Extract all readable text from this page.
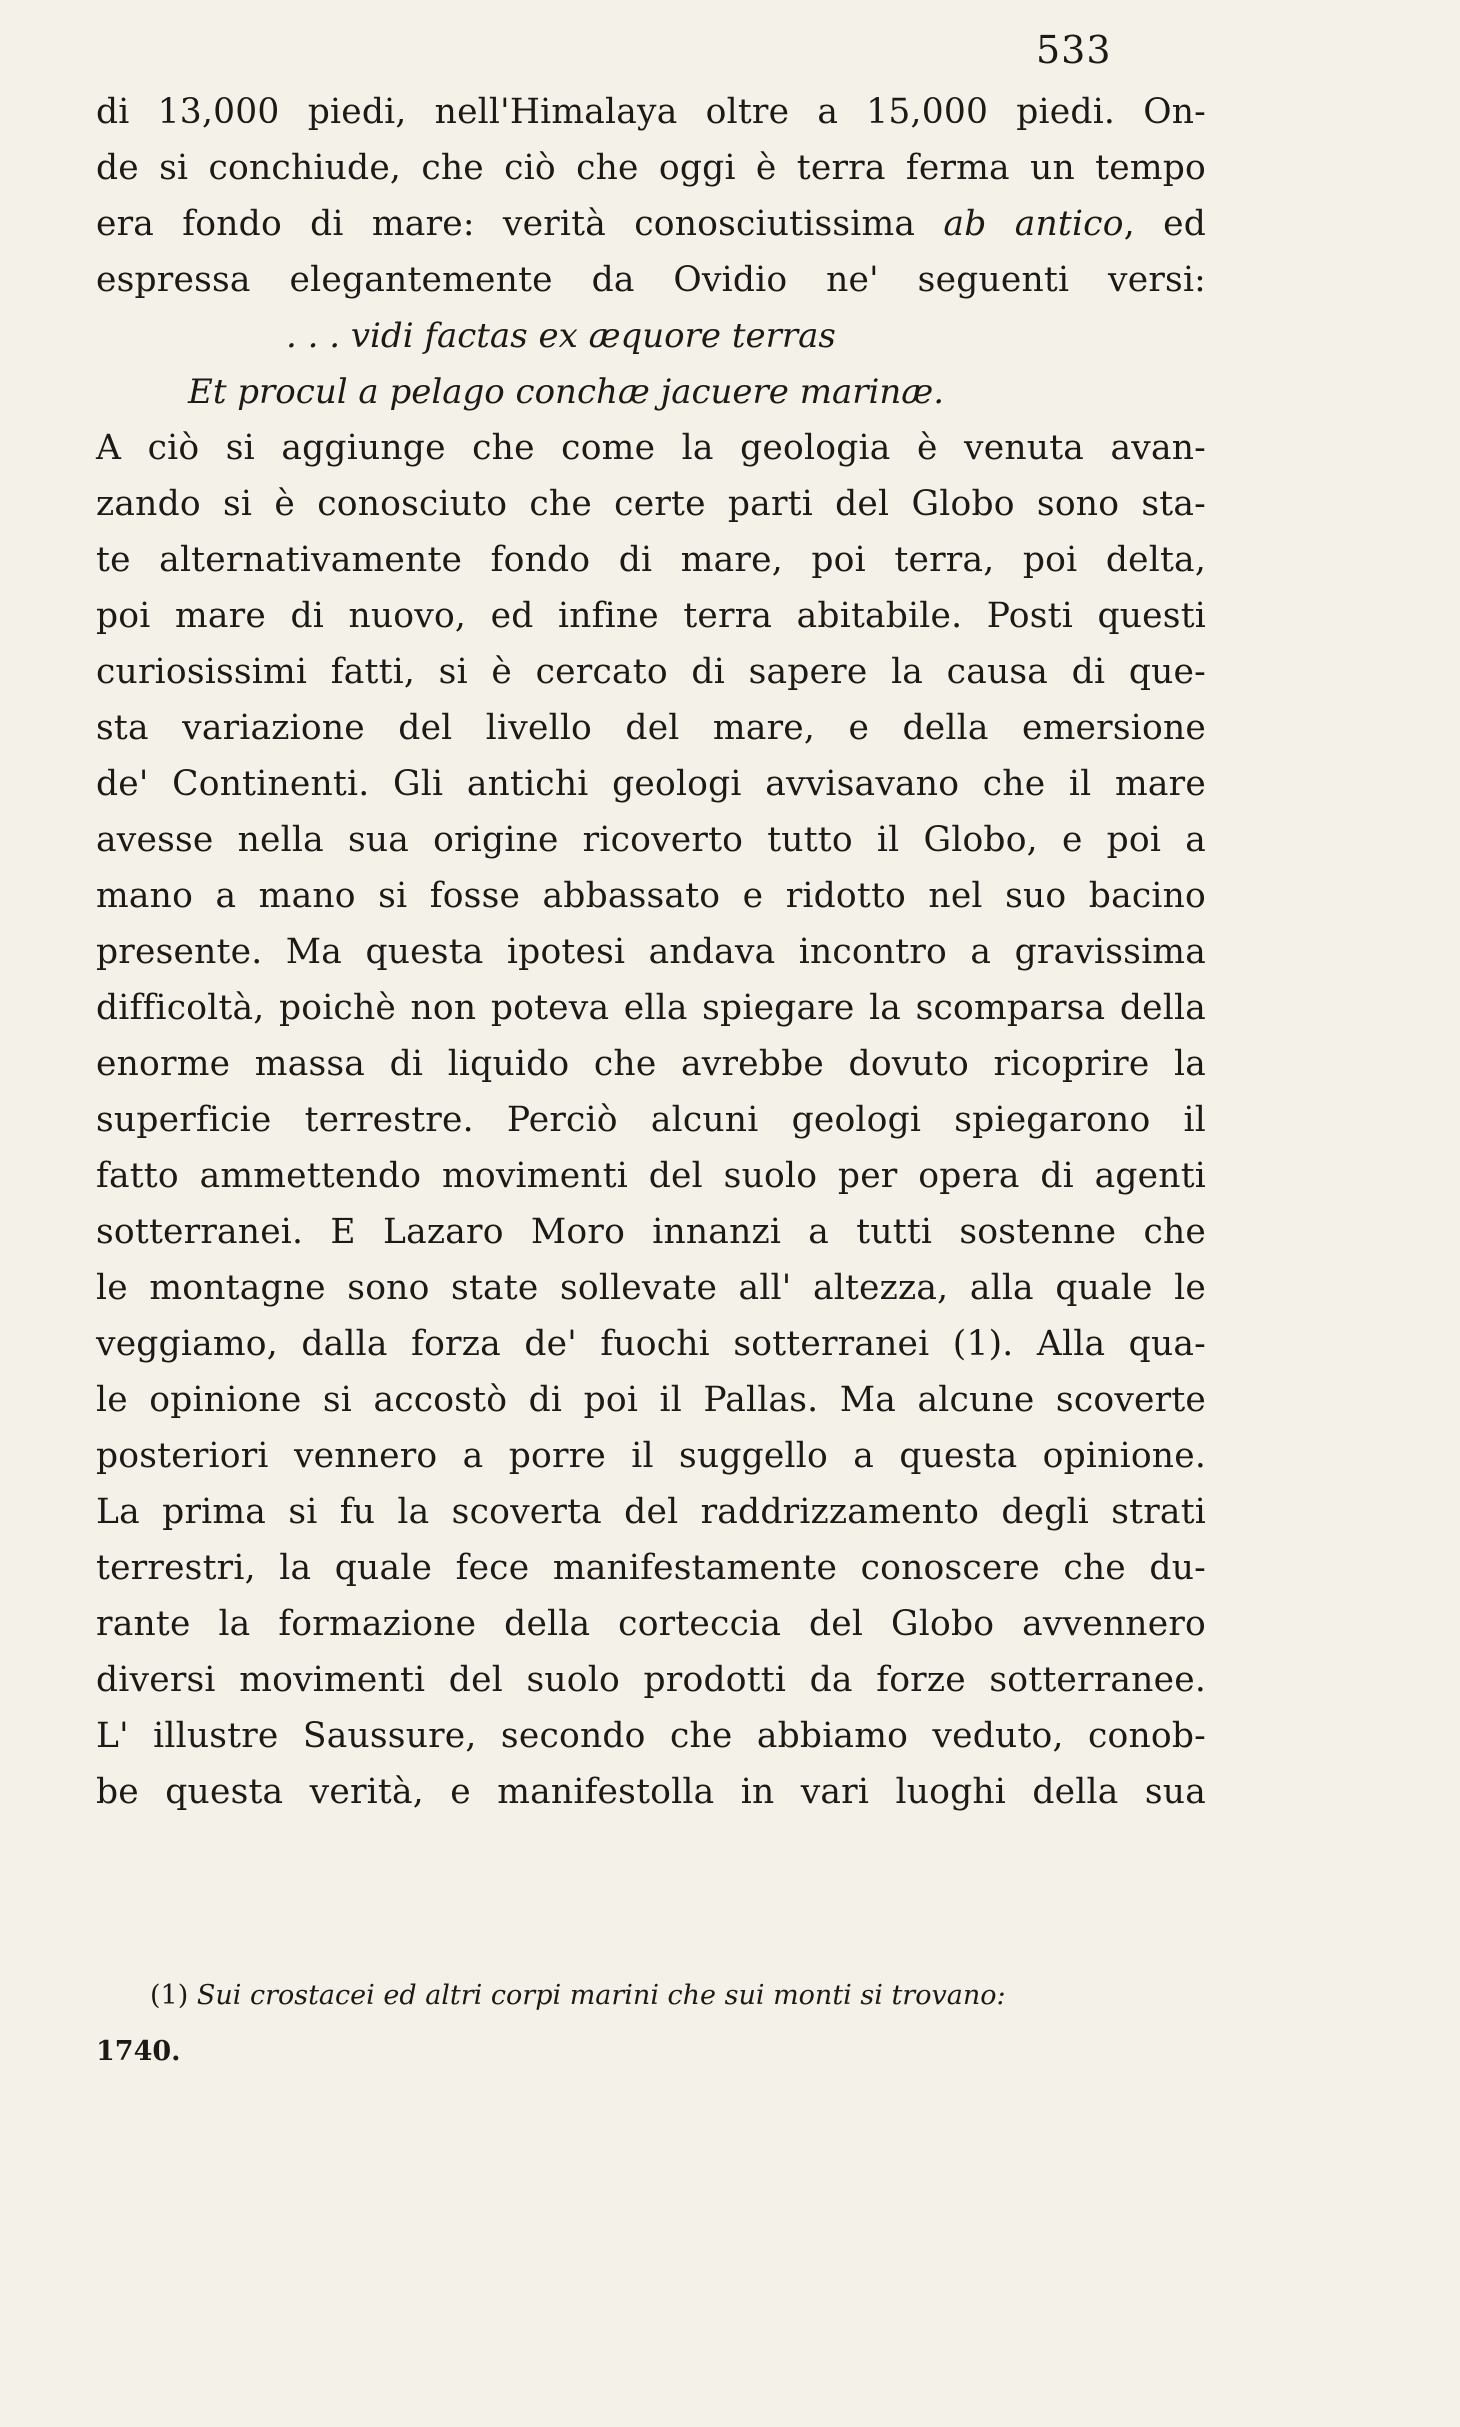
533
di 13,000 piedi, nell'Himalaya oltre a 15,000 piedi. On-
de si conchiude, che ciò che oggi è terra ferma un tempo
era fondo di mare: verità conosciutissima ab antico, ed
espressa elegantemente da Ovidio ne' seguenti versi:
. . . vidi factas ex æquore terras
Et procul a pelago conchæ jacuere marinæ.
A ciò si aggiunge che come la geologia è venuta avan-
zando si è conosciuto che certe parti del Globo sono sta-
te alternativamente fondo di mare, poi terra, poi delta,
poi mare di nuovo, ed infine terra abitabile. Posti questi
curiosissimi fatti, si è cercato di sapere la causa di que-
sta variazione del livello del mare, e della emersione
de' Continenti. Gli antichi geologi avvisavano che il mare
avesse nella sua origine ricoverto tutto il Globo, e poi a
mano a mano si fosse abbassato e ridotto nel suo bacino
presente. Ma questa ipotesi andava incontro a gravissima
difficoltà, poichè non poteva ella spiegare la scomparsa della
enorme massa di liquido che avrebbe dovuto ricoprire la
superficie terrestre. Perciò alcuni geologi spiegarono il
fatto ammettendo movimenti del suolo per opera di agenti
sotterranei. E Lazaro Moro innanzi a tutti sostenne che
le montagne sono state sollevate all' altezza, alla quale le
veggiamo, dalla forza de' fuochi sotterranei (1). Alla qua-
le opinione si accostò di poi il Pallas. Ma alcune scoverte
posteriori vennero a porre il suggello a questa opinione.
La prima si fu la scoverta del raddrizzamento degli strati
terrestri, la quale fece manifestamente conoscere che du-
rante la formazione della corteccia del Globo avvennero
diversi movimenti del suolo prodotti da forze sotterranee.
L' illustre Saussure, secondo che abbiamo veduto, conob-
be questa verità, e manifestolla in vari luoghi della sua
(1) Sui crostacei ed altri corpi marini che sui monti si trovano:
1740.
